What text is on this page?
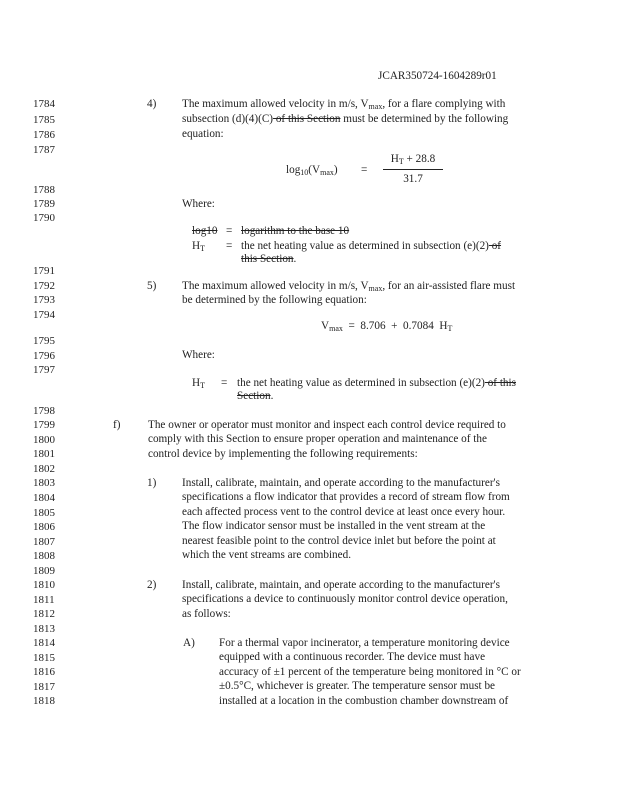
JCAR350724-1604289r01
1784
1785
1786
1787
1788
1789
1790
1791
1792
1793
1794
1795
1796
1797
1798
1799
1800
1801
1802
1803
1804
1805
1806
1807
1808
1809
1810
1811
1812
1813
1814
1815
1816
1817
1818
4) The maximum allowed velocity in m/s, $V_{max}$, for a flare complying with
subsection (d)(4)(C) of this Section must be determined by the following
equation:
$\log_{10}(V_{max})$ =
$H_T + 28.8$
31.7
Where:
log10 = logarithm to the base 10
$H_T$ = the net heating value as determined in subsection (e)(2) of
this Section.
5) The maximum allowed velocity in m/s, $V_{max}$, for an air-assisted flare must
be determined by the following equation:
$V_{max} = 8.706 + 0.7084$  $H_T$
Where:
$H_T$ = the net heating value as determined in subsection (e)(2) of this
Section.
f) The owner or operator must monitor and inspect each control device required to
comply with this Section to ensure proper operation and maintenance of the
control device by implementing the following requirements:
1) Install, calibrate, maintain, and operate according to the manufacturer's
specifications a flow indicator that provides a record of stream flow from
each affected process vent to the control device at least once every hour.
The flow indicator sensor must be installed in the vent stream at the
nearest feasible point to the control device inlet but before the point at
which the vent streams are combined.
2) Install, calibrate, maintain, and operate according to the manufacturer's
specifications a device to continuously monitor control device operation,
as follows:
A) For a thermal vapor incinerator, a temperature monitoring device
equipped with a continuous recorder. The device must have
accuracy of ±1 percent of the temperature being monitored in °C or
±0.5°C, whichever is greater. The temperature sensor must be
installed at a location in the combustion chamber downstream of
